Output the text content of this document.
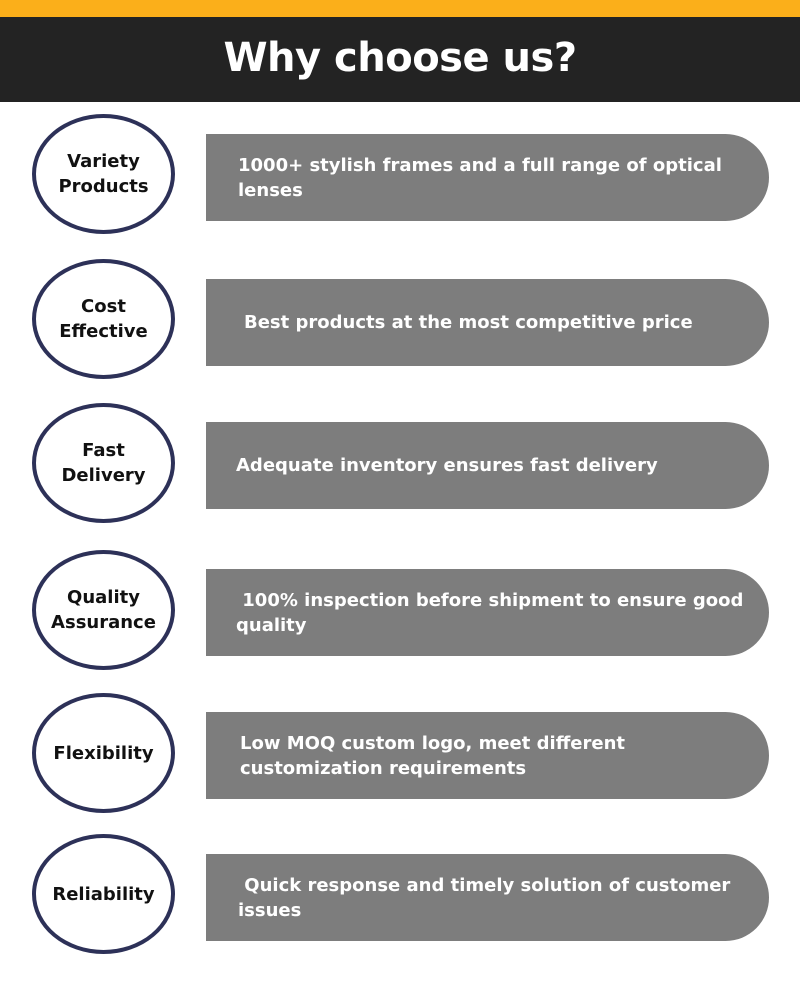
Why choose us?
Variety
Products
1000+ stylish frames and a full range of optical lenses
Cost
Effective	Best products at the most competitive price
Fast
Delivery	Adequate inventory ensures fast delivery
Quality
Assurance
100% inspection before shipment to ensure good quality
Flexibility	Low MOQ custom logo, meet different customization requirements
Reliability	Quick response and timely solution of customer issues
